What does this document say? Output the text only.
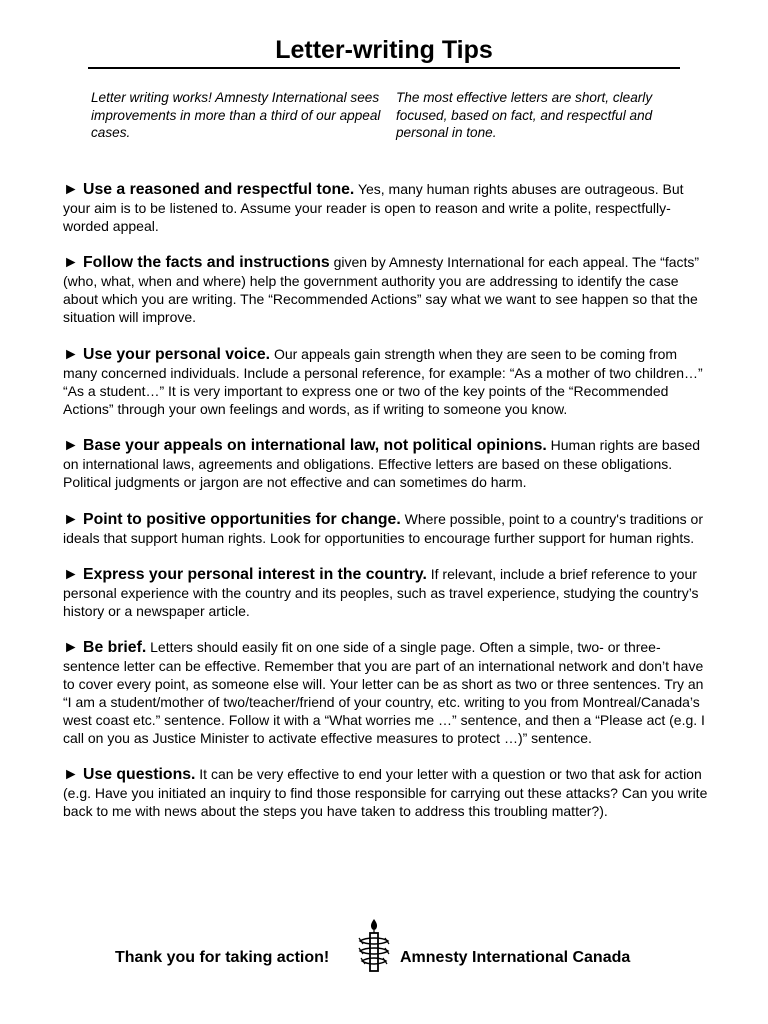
Letter-writing Tips
Letter writing works! Amnesty International sees improvements in more than a third of our appeal cases.
The most effective letters are short, clearly focused, based on fact, and respectful and personal in tone.

► Use a reasoned and respectful tone. Yes, many human rights abuses are outrageous. But your aim is to be listened to. Assume your reader is open to reason and write a polite, respectfully-worded appeal.

► Follow the facts and instructions given by Amnesty International for each appeal. The “facts” (who, what, when and where) help the government authority you are addressing to identify the case about which you are writing. The “Recommended Actions” say what we want to see happen so that the situation will improve.

► Use your personal voice. Our appeals gain strength when they are seen to be coming from many concerned individuals. Include a personal reference, for example: “As a mother of two children…” “As a student…” It is very important to express one or two of the key points of the “Recommended Actions” through your own feelings and words, as if writing to someone you know.

► Base your appeals on international law, not political opinions. Human rights are based on international laws, agreements and obligations. Effective letters are based on these obligations. Political judgments or jargon are not effective and can sometimes do harm.

► Point to positive opportunities for change. Where possible, point to a country's traditions or ideals that support human rights. Look for opportunities to encourage further support for human rights.

► Express your personal interest in the country. If relevant, include a brief reference to your personal experience with the country and its peoples, such as travel experience, studying the country’s history or a newspaper article.

► Be brief. Letters should easily fit on one side of a single page. Often a simple, two- or three-sentence letter can be effective. Remember that you are part of an international network and don’t have to cover every point, as someone else will. Your letter can be as short as two or three sentences. Try an “I am a student/mother of two/teacher/friend of your country, etc. writing to you from Montreal/Canada’s west coast etc.” sentence. Follow it with a “What worries me …” sentence, and then a “Please act (e.g. I call on you as Justice Minister to activate effective measures to protect …)” sentence.

► Use questions. It can be very effective to end your letter with a question or two that ask for action (e.g. Have you initiated an inquiry to find those responsible for carrying out these attacks? Can you write back to me with news about the steps you have taken to address this troubling matter?).

Thank you for taking action!	Amnesty International Canada
